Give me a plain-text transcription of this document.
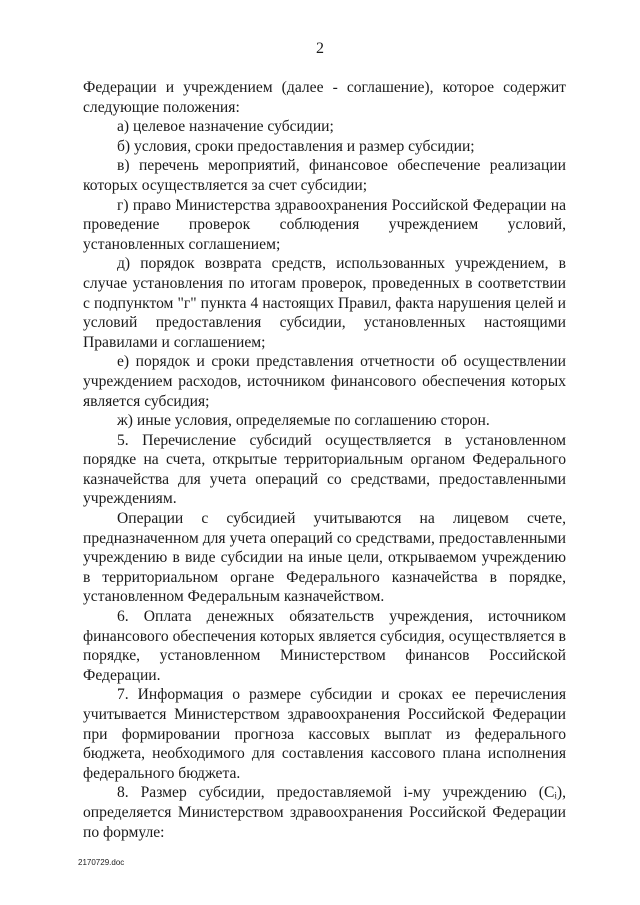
2

Федерации и учреждением (далее - соглашение), которое содержит следующие положения:

а) целевое назначение субсидии;

б) условия, сроки предоставления и размер субсидии;

в) перечень мероприятий, финансовое обеспечение реализации которых осуществляется за счет субсидии;

г) право Министерства здравоохранения Российской Федерации на проведение проверок соблюдения учреждением условий, установленных соглашением;

д) порядок возврата средств, использованных учреждением, в случае установления по итогам проверок, проведенных в соответствии с подпунктом "г" пункта 4 настоящих Правил, факта нарушения целей и условий предоставления субсидии, установленных настоящими Правилами и соглашением;

е) порядок и сроки представления отчетности об осуществлении учреждением расходов, источником финансового обеспечения которых является субсидия;

ж) иные условия, определяемые по соглашению сторон.

5. Перечисление субсидий осуществляется в установленном порядке на счета, открытые территориальным органом Федерального казначейства для учета операций со средствами, предоставленными учреждениям.

Операции с субсидией учитываются на лицевом счете, предназначенном для учета операций со средствами, предоставленными учреждению в виде субсидии на иные цели, открываемом учреждению в территориальном органе Федерального казначейства в порядке, установленном Федеральным казначейством.

6. Оплата денежных обязательств учреждения, источником финансового обеспечения которых является субсидия, осуществляется в порядке, установленном Министерством финансов Российской Федерации.

7. Информация о размере субсидии и сроках ее перечисления учитывается Министерством здравоохранения Российской Федерации при формировании прогноза кассовых выплат из федерального бюджета, необходимого для составления кассового плана исполнения федерального бюджета.

8. Размер субсидии, предоставляемой i-му учреждению (Cᵢ), определяется Министерством здравоохранения Российской Федерации по формуле:

2170729.doc
